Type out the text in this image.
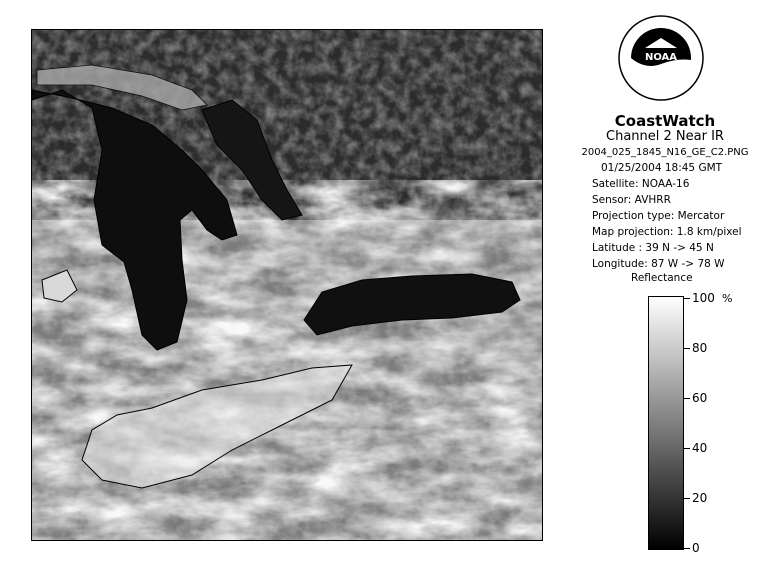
NOAA
CoastWatch
Channel 2 Near IR
2004_025_1845_N16_GE_C2.PNG
01/25/2004 18:45 GMT
Satellite: NOAA-16
Sensor: AVHRR
Projection type: Mercator
Map projection: 1.8 km/pixel
Latitude : 39 N -> 45 N
Longitude: 87 W -> 78 W
Reflectance
%
100
80
60
40
20
0
